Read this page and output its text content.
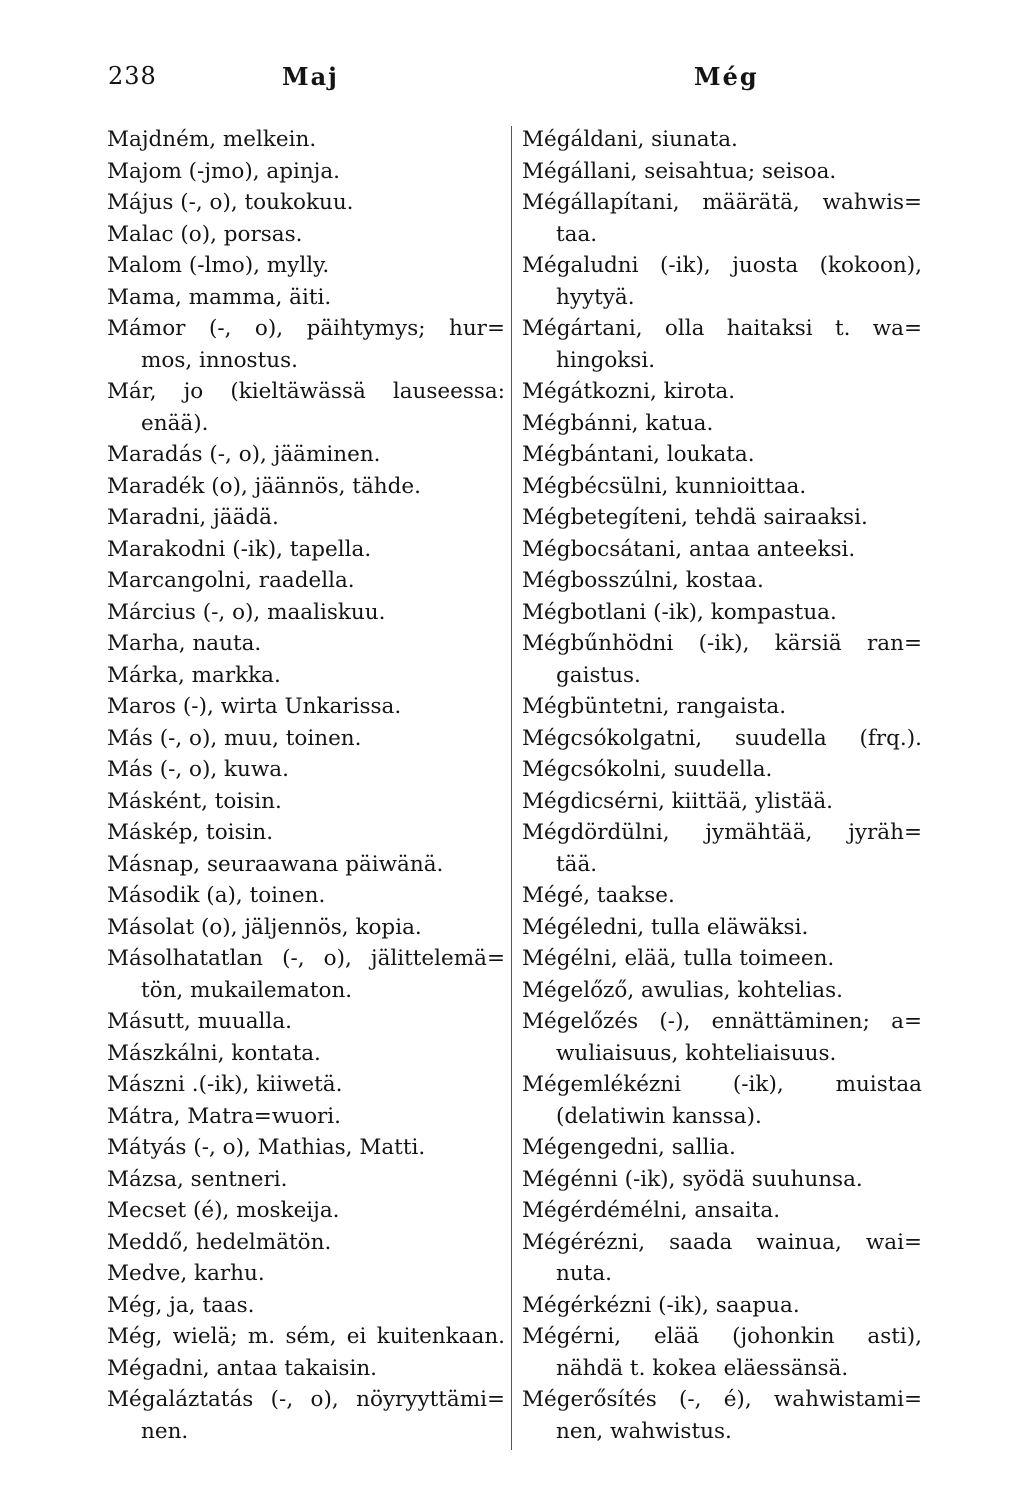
238	Maj	Még
Majdném, melkein.
Majom (-jmo), apinja.
Május (-, o), toukokuu.
Malac (o), porsas.
Malom (-lmo), mylly.
Mama, mamma, äiti.
Mámor (-, o), päihtymys; hur=
mos, innostus.
Már, jo (kieltäwässä lauseessa:
enää).
Maradás (-, o), jääminen.
Maradék (o), jäännös, tähde.
Maradni, jäädä.
Marakodni (-ik), tapella.
Marcangolni, raadella.
Március (-, o), maaliskuu.
Marha, nauta.
Márka, markka.
Maros (-), wirta Unkarissa.
Más (-, o), muu, toinen.
Más (-, o), kuwa.
Másként, toisin.
Máskép, toisin.
Másnap, seuraawana päiwänä.
Második (a), toinen.
Másolat (o), jäljennös, kopia.
Másolhatatlan (-, o), jälittelemä=
tön, mukailematon.
Másutt, muualla.
Mászkálni, kontata.
Mászni .(-ik), kiiwetä.
Mátra, Matra=wuori.
Mátyás (-, o), Mathias, Matti.
Mázsa, sentneri.
Mecset (é), moskeija.
Meddő, hedelmätön.
Medve, karhu.
Még, ja, taas.
Még, wielä; m. sém, ei kuitenkaan.
Mégadni, antaa takaisin.
Mégaláztatás (-, o), nöyryyttämi=
nen.
Mégáldani, siunata.
Mégállani, seisahtua; seisoa.
Mégállapítani, määrätä, wahwis=
taa.
Mégaludni (-ik), juosta (kokoon),
hyytyä.
Mégártani, olla haitaksi t. wa=
hingoksi.
Mégátkozni, kirota.
Mégbánni, katua.
Mégbántani, loukata.
Mégbécsülni, kunnioittaa.
Mégbetegíteni, tehdä sairaaksi.
Mégbocsátani, antaa anteeksi.
Mégbosszúlni, kostaa.
Mégbotlani (-ik), kompastua.
Mégbűnhödni (-ik), kärsiä ran=
gaistus.
Mégbüntetni, rangaista.
Mégcsókolgatni, suudella (frq.).
Mégcsókolni, suudella.
Mégdicsérni, kiittää, ylistää.
Mégdördülni, jymähtää, jyräh=
tää.
Mégé, taakse.
Mégéledni, tulla eläwäksi.
Mégélni, elää, tulla toimeen.
Mégelőző, awulias, kohtelias.
Mégelőzés (-), ennättäminen; a=
wuliaisuus, kohteliaisuus.
Mégemlékézni (-ik), muistaa
(delatiwin kanssa).
Mégengedni, sallia.
Mégénni (-ik), syödä suuhunsa.
Mégérdémélni, ansaita.
Mégérézni, saada wainua, wai=
nuta.
Mégérkézni (-ik), saapua.
Mégérni, elää (johonkin asti),
nähdä t. kokea eläessänsä.
Mégerősítés (-, é), wahwistami=
nen, wahwistus.
